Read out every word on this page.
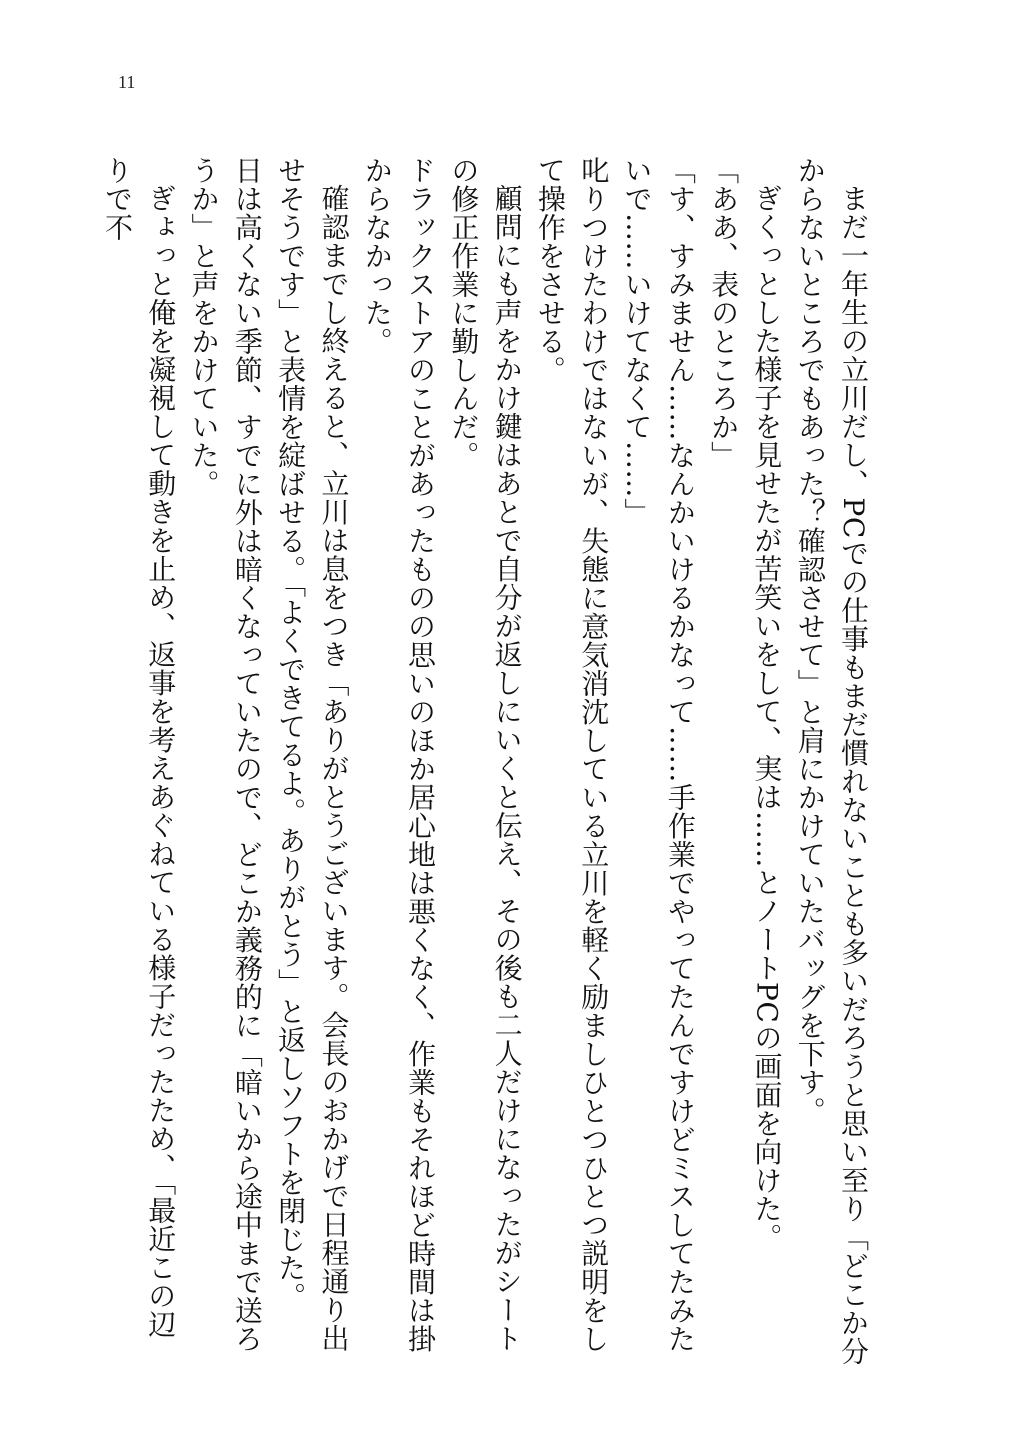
11

まだ一年生の立川だし、PCでの仕事もまだ慣れないことも多いだろうと思い至り「どこか分からないところでもあった？確認させて」と肩にかけていたバッグを下す。

ぎくっとした様子を見せたが苦笑いをして、実は……とノートPCの画面を向けた。

「ああ、表のところか」

「す、すみません……なんかいけるかなって……手作業でやってたんですけどミスしてたみたいで……いけてなくて……」

叱りつけたわけではないが、失態に意気消沈している立川を軽く励ましひとつひとつ説明をして操作をさせる。

顧問にも声をかけ鍵はあとで自分が返しにいくと伝え、その後も二人だけになったがシートの修正作業に勤しんだ。

ドラックストアのことがあったものの思いのほか居心地は悪くなく、作業もそれほど時間は掛からなかった。

確認までし終えると、立川は息をつき「ありがとうございます。会長のおかげで日程通り出せそうです」と表情を綻ばせる。「よくできてるよ。ありがとう」と返しソフトを閉じた。

日は高くない季節、すでに外は暗くなっていたので、どこか義務的に「暗いから途中まで送ろうか」と声をかけていた。

ぎょっと俺を凝視して動きを止め、返事を考えあぐねている様子だったため、「最近この辺りで不
